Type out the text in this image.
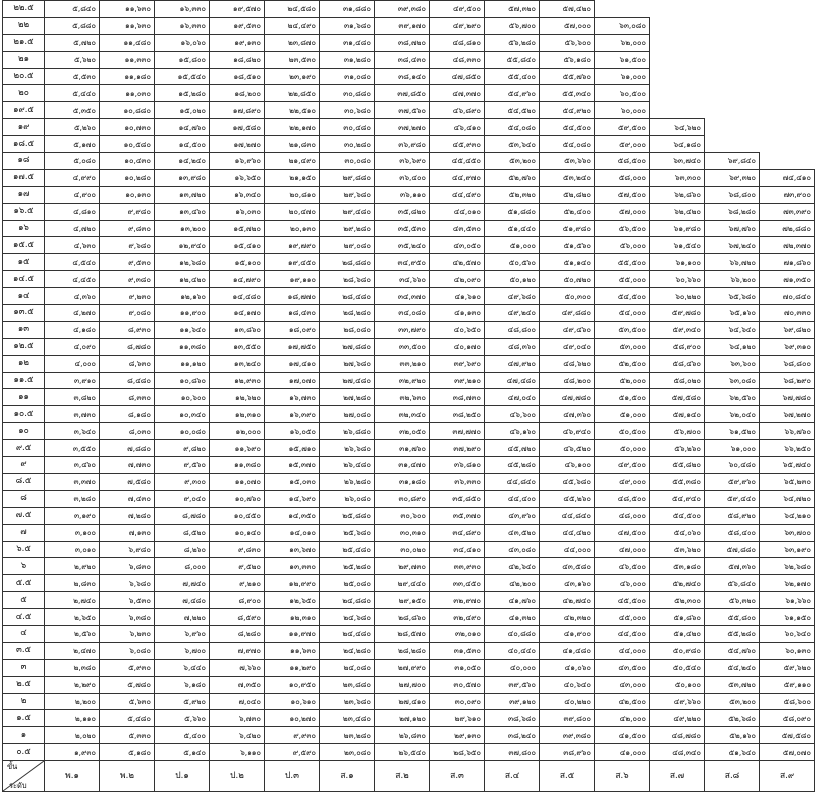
๒๒.๕	๕,๘๔๐	๑๑,๖๓๐	๑๖,๓๓๐	๑๙,๕๗๐	๒๔,๕๘๐	๓๑,๘๘๐	๓๙,๓๘๐	๔๙,๕๐๐	๕๗,๓๒๐	๕๗,๔๒๐				
๒๒	๕,๘๘๐	๑๑,๖๓๐	๑๖,๓๓๐	๑๙,๕๓๐	๒๔,๔๙๐	๓๑,๖๘๐	๓๙,๑๗๐	๔๙,๒๙๐	๕๖,๗๐๐	๕๗,๐๐๐	๖๓,๐๘๐			
๒๑.๕	๕,๗๒๐	๑๑,๔๘๐	๑๖,๐๖๐	๑๙,๑๓๐	๒๓,๘๗๐	๓๑,๔๘๐	๓๘,๗๒๐	๔๘,๘๑๐	๕๖,๒๘๐	๕๖,๖๐๐	๖๒,๐๐๐			
๒๑	๕,๖๒๐	๑๑,๓๓๐	๑๕,๘๐๐	๑๘,๘๒๐	๒๓,๕๓๐	๓๑,๒๘๐	๓๘,๔๓๐	๔๘,๓๓๐	๕๕,๘๔๐	๕๖,๑๘๐	๖๑,๕๐๐			
๒๐.๕	๕,๕๓๐	๑๑,๑๘๐	๑๕,๕๔๐	๑๘,๕๑๐	๒๓,๑๙๐	๓๑,๐๘๐	๓๘,๑๔๐	๔๗,๘๕๐	๕๕,๔๐๐	๕๕,๗๖๐	๖๑,๐๐๐			
๒๐	๕,๔๔๐	๑๑,๐๓๐	๑๕,๒๘๐	๑๘,๒๐๐	๒๒,๘๕๐	๓๐,๘๘๐	๓๗,๘๕๐	๔๗,๓๗๐	๕๔,๙๖๐	๕๕,๓๔๐	๖๐,๕๐๐			
๑๙.๕	๕,๓๕๐	๑๐,๘๘๐	๑๕,๐๒๐	๑๗,๘๙๐	๒๒,๕๑๐	๓๐,๖๘๐	๓๗,๕๖๐	๔๖,๘๙๐	๕๔,๕๒๐	๕๔,๙๒๐	๖๐,๐๐๐			
๑๙	๕,๒๖๐	๑๐,๗๓๐	๑๔,๗๖๐	๑๗,๕๘๐	๒๒,๑๗๐	๓๐,๔๘๐	๓๗,๒๗๐	๔๖,๔๑๐	๕๔,๐๘๐	๕๔,๕๐๐	๕๙,๕๐๐	๖๔,๖๒๐		
๑๘.๕	๕,๑๗๐	๑๐,๕๘๐	๑๔,๕๐๐	๑๗,๒๗๐	๒๑,๘๓๐	๓๐,๒๘๐	๓๖,๙๘๐	๔๕,๙๓๐	๕๓,๖๔๐	๕๔,๐๘๐	๕๙,๐๐๐	๖๔,๑๘๐		
๑๘	๕,๐๘๐	๑๐,๔๓๐	๑๔,๒๔๐	๑๖,๙๖๐	๒๑,๔๙๐	๓๐,๐๘๐	๓๖,๖๙๐	๔๕,๔๕๐	๕๓,๒๐๐	๕๓,๖๖๐	๕๘,๕๐๐	๖๓,๗๔๐	๖๙,๘๔๐	
๑๗.๕	๔,๙๙๐	๑๐,๒๘๐	๑๓,๙๘๐	๑๖,๖๕๐	๒๑,๑๕๐	๒๙,๘๘๐	๓๖,๔๐๐	๔๔,๙๗๐	๕๒,๗๖๐	๕๓,๒๔๐	๕๘,๐๐๐	๖๓,๓๐๐	๖๙,๓๒๐	๗๔,๔๑๐
๑๗	๔,๙๐๐	๑๐,๑๓๐	๑๓,๗๒๐	๑๖,๓๔๐	๒๐,๘๑๐	๒๙,๖๘๐	๓๖,๑๑๐	๔๔,๔๙๐	๕๒,๓๒๐	๕๒,๘๒๐	๕๗,๕๐๐	๖๒,๘๖๐	๖๘,๘๐๐	๗๓,๙๐๐
๑๖.๕	๔,๘๑๐	๙,๙๘๐	๑๓,๔๖๐	๑๖,๐๓๐	๒๐,๔๗๐	๒๙,๔๘๐	๓๕,๘๒๐	๔๔,๐๑๐	๕๑,๘๘๐	๕๒,๔๐๐	๕๗,๐๐๐	๖๒,๔๒๐	๖๘,๒๘๐	๗๓,๓๙๐
๑๖	๔,๗๒๐	๙,๘๓๐	๑๓,๒๐๐	๑๕,๗๒๐	๒๐,๑๓๐	๒๙,๒๘๐	๓๕,๕๓๐	๔๓,๕๓๐	๕๑,๔๔๐	๕๑,๙๘๐	๕๖,๕๐๐	๖๑,๙๘๐	๖๗,๗๖๐	๗๒,๘๘๐
๑๕.๕	๔,๖๓๐	๙,๖๘๐	๑๒,๙๔๐	๑๕,๔๑๐	๑๙,๗๙๐	๒๙,๐๘๐	๓๕,๒๔๐	๔๓,๐๕๐	๕๑,๐๐๐	๕๑,๕๖๐	๕๖,๐๐๐	๖๑,๕๔๐	๖๗,๒๔๐	๗๒,๓๗๐
๑๕	๔,๕๔๐	๙,๕๓๐	๑๒,๖๘๐	๑๕,๑๐๐	๑๙,๔๕๐	๒๘,๘๘๐	๓๔,๙๕๐	๔๒,๕๗๐	๕๐,๕๖๐	๕๑,๑๔๐	๕๕,๕๐๐	๖๑,๑๐๐	๖๖,๗๒๐	๗๑,๘๖๐
๑๔.๕	๔,๔๕๐	๙,๓๘๐	๑๒,๔๒๐	๑๔,๗๙๐	๑๙,๑๑๐	๒๘,๖๘๐	๓๔,๖๖๐	๔๒,๐๙๐	๕๐,๑๒๐	๕๐,๗๒๐	๕๕,๐๐๐	๖๐,๖๖๐	๖๖,๒๐๐	๗๑,๓๕๐
๑๔	๔,๓๖๐	๙,๒๓๐	๑๒,๑๖๐	๑๔,๔๘๐	๑๘,๗๗๐	๒๘,๔๘๐	๓๔,๓๗๐	๔๑,๖๑๐	๔๙,๖๘๐	๕๐,๓๐๐	๕๔,๕๐๐	๖๐,๒๒๐	๖๕,๖๘๐	๗๐,๘๔๐
๑๓.๕	๔,๒๗๐	๙,๐๘๐	๑๑,๙๐๐	๑๔,๑๗๐	๑๘,๔๓๐	๒๘,๒๘๐	๓๔,๐๘๐	๔๑,๑๓๐	๔๙,๒๔๐	๔๙,๘๘๐	๕๔,๐๐๐	๕๙,๗๘๐	๖๕,๑๖๐	๗๐,๓๓๐
๑๓	๔,๑๘๐	๘,๙๓๐	๑๑,๖๔๐	๑๓,๘๖๐	๑๘,๐๙๐	๒๘,๐๘๐	๓๓,๗๙๐	๔๐,๖๕๐	๔๘,๘๐๐	๔๙,๔๖๐	๕๓,๕๐๐	๕๙,๓๔๐	๖๔,๖๔๐	๖๙,๘๒๐
๑๒.๕	๔,๐๙๐	๘,๗๘๐	๑๑,๓๘๐	๑๓,๕๕๐	๑๗,๗๕๐	๒๗,๘๘๐	๓๓,๕๐๐	๔๐,๑๗๐	๔๘,๓๖๐	๔๙,๐๔๐	๕๓,๐๐๐	๕๘,๙๐๐	๖๔,๑๒๐	๖๙,๓๑๐
๑๒	๔,๐๐๐	๘,๖๓๐	๑๑,๑๒๐	๑๓,๒๔๐	๑๗,๔๑๐	๒๗,๖๘๐	๓๓,๒๑๐	๓๙,๖๙๐	๔๗,๙๒๐	๔๘,๖๒๐	๕๒,๕๐๐	๕๘,๔๖๐	๖๓,๖๐๐	๖๘,๘๐๐
๑๑.๕	๓,๙๑๐	๘,๔๘๐	๑๐,๘๖๐	๑๒,๙๓๐	๑๗,๐๗๐	๒๗,๔๘๐	๓๒,๙๒๐	๓๙,๒๑๐	๔๗,๔๘๐	๔๘,๒๐๐	๕๒,๐๐๐	๕๘,๐๒๐	๖๓,๐๘๐	๖๘,๒๙๐
๑๑	๓,๘๒๐	๘,๓๓๐	๑๐,๖๐๐	๑๒,๖๒๐	๑๖,๗๓๐	๒๗,๒๘๐	๓๒,๖๓๐	๓๘,๗๓๐	๔๗,๐๔๐	๔๗,๗๘๐	๕๑,๕๐๐	๕๗,๕๘๐	๖๒,๕๖๐	๖๗,๗๘๐
๑๐.๕	๓,๗๓๐	๘,๑๘๐	๑๐,๓๔๐	๑๒,๓๑๐	๑๖,๓๙๐	๒๗,๐๘๐	๓๒,๓๔๐	๓๘,๒๕๐	๔๖,๖๐๐	๔๗,๓๖๐	๕๑,๐๐๐	๕๗,๑๔๐	๖๒,๐๔๐	๖๗,๒๗๐
๑๐	๓,๖๔๐	๘,๐๓๐	๑๐,๐๘๐	๑๒,๐๐๐	๑๖,๐๕๐	๒๖,๘๘๐	๓๒,๐๕๐	๓๗,๗๗๐	๔๖,๑๖๐	๔๖,๙๔๐	๕๐,๕๐๐	๕๖,๗๐๐	๖๑,๕๒๐	๖๖,๗๖๐
๙.๕	๓,๕๕๐	๗,๘๘๐	๙,๘๒๐	๑๑,๖๙๐	๑๕,๗๑๐	๒๖,๖๘๐	๓๑,๗๖๐	๓๗,๒๙๐	๔๕,๗๒๐	๔๖,๕๒๐	๕๐,๐๐๐	๕๖,๒๖๐	๖๑,๐๐๐	๖๖,๒๕๐
๙	๓,๔๖๐	๗,๗๓๐	๙,๕๖๐	๑๑,๓๘๐	๑๕,๓๗๐	๒๖,๔๘๐	๓๑,๔๗๐	๓๖,๘๑๐	๔๕,๒๘๐	๔๖,๑๐๐	๔๙,๕๐๐	๕๕,๘๒๐	๖๐,๔๘๐	๖๕,๗๔๐
๘.๕	๓,๓๗๐	๗,๕๘๐	๙,๓๐๐	๑๑,๐๗๐	๑๕,๐๓๐	๒๖,๒๘๐	๓๑,๑๘๐	๓๖,๓๓๐	๔๔,๘๔๐	๔๕,๖๘๐	๔๙,๐๐๐	๕๕,๓๘๐	๕๙,๙๖๐	๖๕,๒๓๐
๘	๓,๒๘๐	๗,๔๓๐	๙,๐๔๐	๑๐,๗๖๐	๑๔,๖๙๐	๒๖,๐๘๐	๓๐,๘๙๐	๓๕,๘๕๐	๔๔,๔๐๐	๔๕,๒๖๐	๔๘,๕๐๐	๕๔,๙๔๐	๕๙,๔๔๐	๖๔,๗๒๐
๗.๕	๓,๑๙๐	๗,๒๘๐	๘,๗๘๐	๑๐,๔๕๐	๑๔,๓๕๐	๒๕,๘๘๐	๓๐,๖๐๐	๓๕,๓๗๐	๔๓,๙๖๐	๔๔,๘๔๐	๔๘,๐๐๐	๕๔,๕๐๐	๕๘,๙๒๐	๖๔,๒๑๐
๗	๓,๑๐๐	๗,๑๓๐	๘,๕๒๐	๑๐,๑๔๐	๑๔,๐๑๐	๒๕,๖๘๐	๓๐,๓๑๐	๓๔,๘๙๐	๔๓,๕๒๐	๔๔,๔๒๐	๔๗,๕๐๐	๕๔,๐๖๐	๕๘,๔๐๐	๖๓,๗๐๐
๖.๕	๓,๐๑๐	๖,๙๘๐	๘,๒๖๐	๙,๘๓๐	๑๓,๖๗๐	๒๕,๔๘๐	๓๐,๐๒๐	๓๔,๔๑๐	๔๓,๐๘๐	๔๔,๐๐๐	๔๗,๐๐๐	๕๓,๖๒๐	๕๗,๘๘๐	๖๓,๑๙๐
๖	๒,๙๒๐	๖,๘๓๐	๘,๐๐๐	๙,๕๒๐	๑๓,๓๓๐	๒๕,๒๘๐	๒๙,๗๓๐	๓๓,๙๓๐	๔๒,๖๔๐	๔๓,๕๘๐	๔๖,๕๐๐	๕๓,๑๘๐	๕๗,๓๖๐	๖๒,๖๘๐
๕.๕	๒,๘๓๐	๖,๖๘๐	๗,๗๔๐	๙,๒๑๐	๑๒,๙๙๐	๒๕,๐๘๐	๒๙,๔๔๐	๓๓,๔๕๐	๔๒,๒๐๐	๔๓,๑๖๐	๔๖,๐๐๐	๕๒,๗๔๐	๕๖,๘๔๐	๖๒,๑๗๐
๕	๒,๗๔๐	๖,๕๓๐	๗,๔๘๐	๘,๙๐๐	๑๒,๖๕๐	๒๔,๘๘๐	๒๙,๑๕๐	๓๒,๙๗๐	๔๑,๗๖๐	๔๒,๗๔๐	๔๕,๕๐๐	๕๒,๓๐๐	๕๖,๓๒๐	๖๑,๖๖๐
๔.๕	๒,๖๕๐	๖,๓๘๐	๗,๒๒๐	๘,๕๙๐	๑๒,๓๑๐	๒๔,๖๘๐	๒๘,๘๖๐	๓๒,๔๙๐	๔๑,๓๒๐	๔๒,๓๒๐	๔๕,๐๐๐	๕๑,๘๖๐	๕๕,๘๐๐	๖๑,๑๕๐
๔	๒,๕๖๐	๖,๒๓๐	๖,๙๖๐	๘,๒๘๐	๑๑,๙๗๐	๒๔,๔๘๐	๒๘,๕๗๐	๓๒,๐๑๐	๔๐,๘๘๐	๔๑,๙๐๐	๔๔,๕๐๐	๕๑,๔๒๐	๕๕,๒๘๐	๖๐,๖๔๐
๓.๕	๒,๔๗๐	๖,๐๘๐	๖,๗๐๐	๗,๙๗๐	๑๑,๖๓๐	๒๔,๒๘๐	๒๘,๒๘๐	๓๑,๕๓๐	๔๐,๔๔๐	๔๑,๔๘๐	๔๔,๐๐๐	๕๐,๙๘๐	๕๔,๗๖๐	๖๐,๑๓๐
๓	๒,๓๘๐	๕,๙๓๐	๖,๔๔๐	๗,๖๖๐	๑๑,๒๙๐	๒๔,๐๘๐	๒๗,๙๙๐	๓๑,๐๕๐	๔๐,๐๐๐	๔๑,๐๖๐	๔๓,๕๐๐	๕๐,๕๔๐	๕๔,๒๔๐	๕๙,๖๒๐
๒.๕	๒,๒๙๐	๕,๗๘๐	๖,๑๘๐	๗,๓๕๐	๑๐,๙๕๐	๒๓,๘๘๐	๒๗,๗๐๐	๓๐,๕๗๐	๓๙,๕๖๐	๔๐,๖๔๐	๔๓,๐๐๐	๕๐,๑๐๐	๕๓,๗๒๐	๕๙,๑๑๐
๒	๒,๒๐๐	๕,๖๓๐	๕,๙๒๐	๗,๐๔๐	๑๐,๖๑๐	๒๓,๖๘๐	๒๗,๔๑๐	๓๐,๐๙๐	๓๙,๑๒๐	๔๐,๒๒๐	๔๒,๕๐๐	๔๙,๖๖๐	๕๓,๒๐๐	๕๘,๖๐๐
๑.๕	๒,๑๑๐	๕,๔๘๐	๕,๖๖๐	๖,๗๓๐	๑๐,๒๗๐	๒๓,๔๘๐	๒๗,๑๒๐	๒๙,๖๑๐	๓๘,๖๘๐	๓๙,๘๐๐	๔๒,๐๐๐	๔๙,๒๒๐	๕๒,๖๘๐	๕๘,๐๙๐
๑	๒,๐๒๐	๕,๓๓๐	๕,๔๐๐	๖,๔๒๐	๙,๙๓๐	๒๓,๒๘๐	๒๖,๘๓๐	๒๙,๑๓๐	๓๘,๒๔๐	๓๙,๓๘๐	๔๑,๕๐๐	๔๘,๗๘๐	๕๒,๑๖๐	๕๗,๕๘๐
๐.๕	๑,๙๓๐	๕,๑๘๐	๕,๑๔๐	๖,๑๑๐	๙,๕๙๐	๒๓,๐๘๐	๒๖,๕๔๐	๒๘,๖๕๐	๓๗,๘๐๐	๓๘,๙๖๐	๔๑,๐๐๐	๔๘,๓๔๐	๕๑,๖๔๐	๕๗,๐๗๐

ขั้น
ระดับ	พ.๑	พ.๒	ป.๑	ป.๒	ป.๓	ส.๑	ส.๒	ส.๓	ส.๔	ส.๕	ส.๖	ส.๗	ส.๘	ส.๙
